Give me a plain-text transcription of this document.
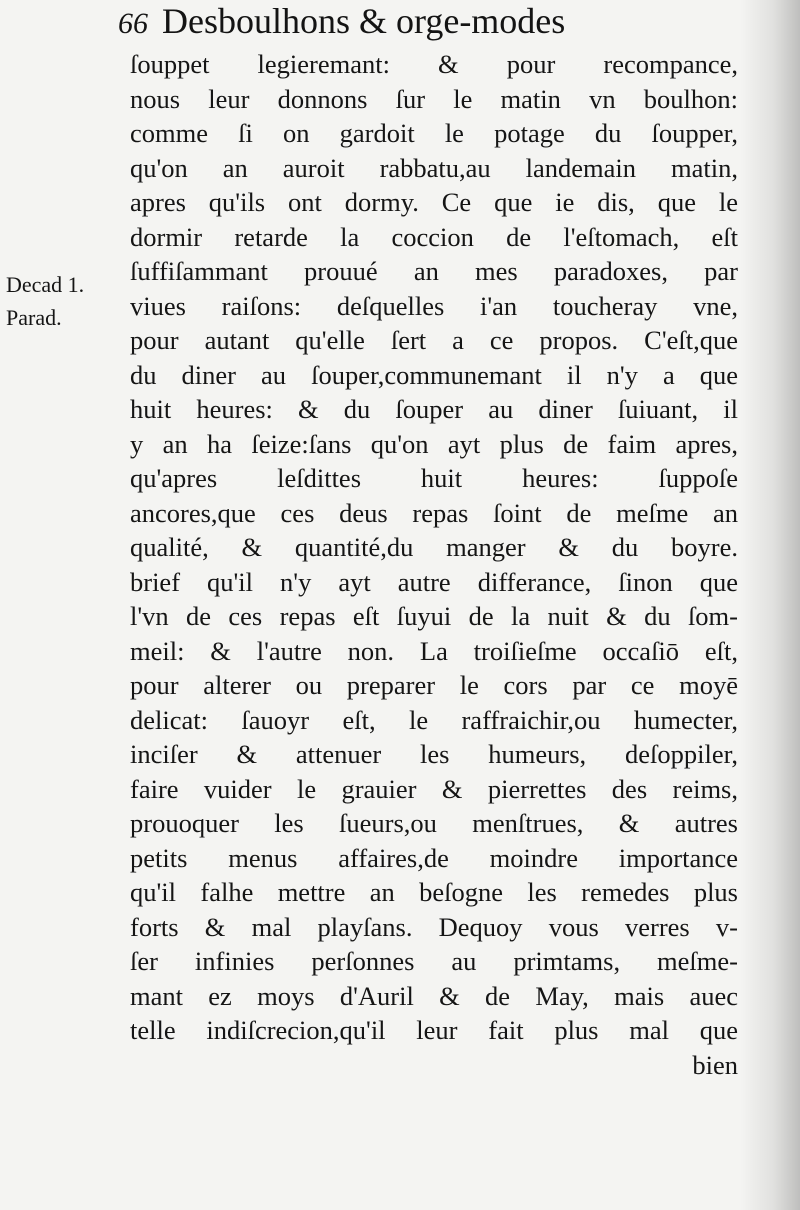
66 Desboulhons & orge-modes
Decad 1.
Parad.
ſouppet legieremant: & pour recompance,
nous leur donnons ſur le matin vn boulhon:
comme ſi on gardoit le potage du ſoupper,
qu'on an auroit rabbatu,au landemain matin,
apres qu'ils ont dormy. Ce que ie dis, que le
dormir retarde la coccion de l'eſtomach, eſt
ſuffiſammant prouué an mes paradoxes, par
viues raiſons: deſquelles i'an toucheray vne,
pour autant qu'elle ſert a ce propos. C'eſt,que
du diner au ſouper,communemant il n'y a que
huit heures: & du ſouper au diner ſuiuant, il
y an ha ſeize:ſans qu'on ayt plus de faim apres,
qu'apres leſdittes huit heures: ſuppoſe
ancores,que ces deus repas ſoint de meſme an
qualité, & quantité,du manger & du boyre.
brief qu'il n'y ayt autre differance, ſinon que
l'vn de ces repas eſt ſuyui de la nuit & du ſom-
meil: & l'autre non. La troiſieſme occaſiō eſt,
pour alterer ou preparer le cors par ce moyē
delicat: ſauoyr eſt, le raffraichir,ou humecter,
inciſer & attenuer les humeurs, deſoppiler,
faire vuider le grauier & pierrettes des reims,
prouoquer les ſueurs,ou menſtrues, & autres
petits menus affaires,de moindre importance
qu'il falhe mettre an beſogne les remedes plus
forts & mal playſans. Dequoy vous verres v-
ſer infinies perſonnes au primtams, meſme-
mant ez moys d'Auril & de May, mais auec
telle indiſcrecion,qu'il leur fait plus mal que
bien
